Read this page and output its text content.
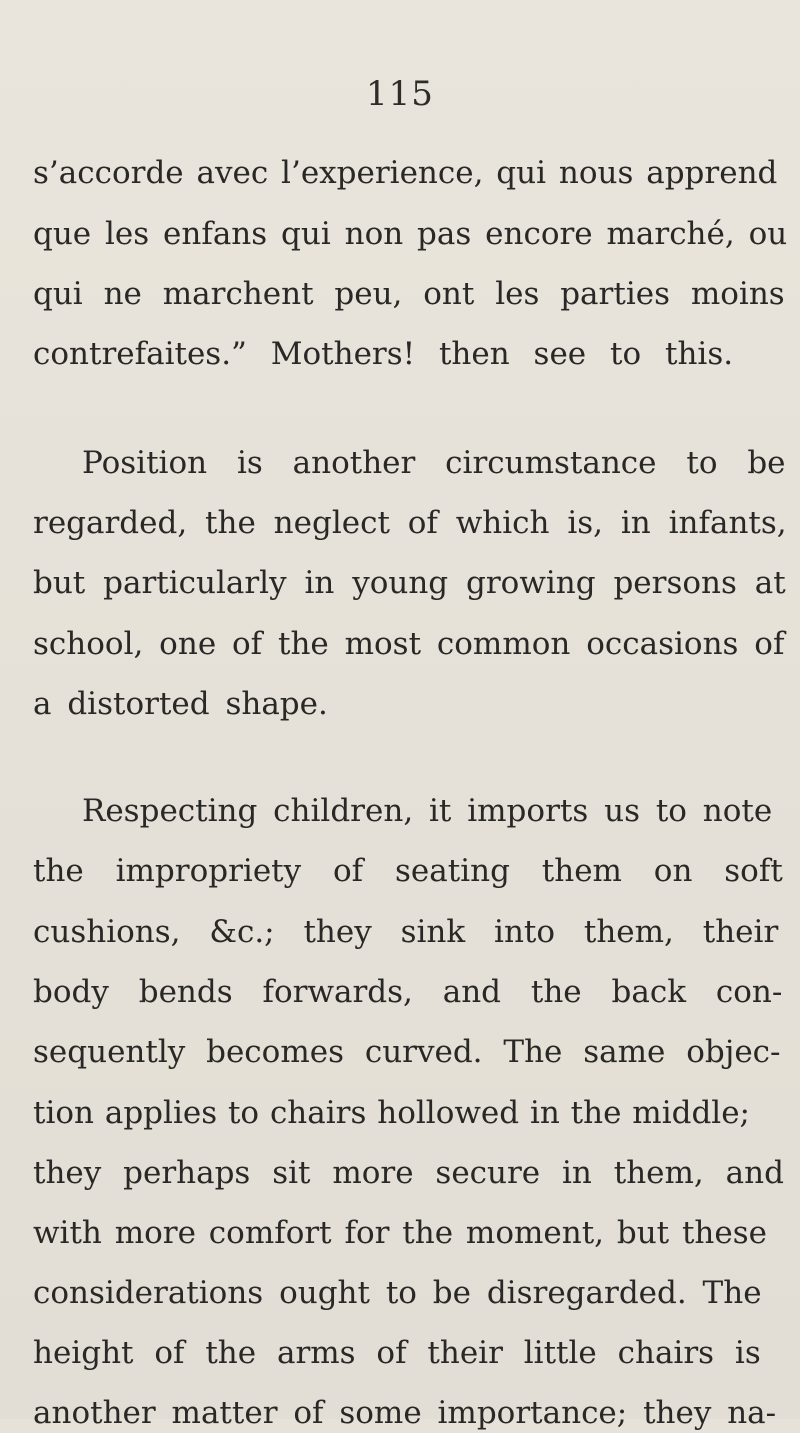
115
s’accorde avec l’experience, qui nous apprend
que les enfans qui non pas encore marché, ou
qui ne marchent peu, ont les parties moins
contrefaites.” Mothers! then see to this.
Position is another circumstance to be
regarded, the neglect of which is, in infants,
but particularly in young growing persons at
school, one of the most common occasions of
a distorted shape.
Respecting children, it imports us to note
the impropriety of seating them on soft
cushions, &c.; they sink into them, their
body bends forwards, and the back con-
sequently becomes curved. The same objec-
tion applies to chairs hollowed in the middle;
they perhaps sit more secure in them, and
with more comfort for the moment, but these
considerations ought to be disregarded. The
height of the arms of their little chairs is
another matter of some importance; they na-
